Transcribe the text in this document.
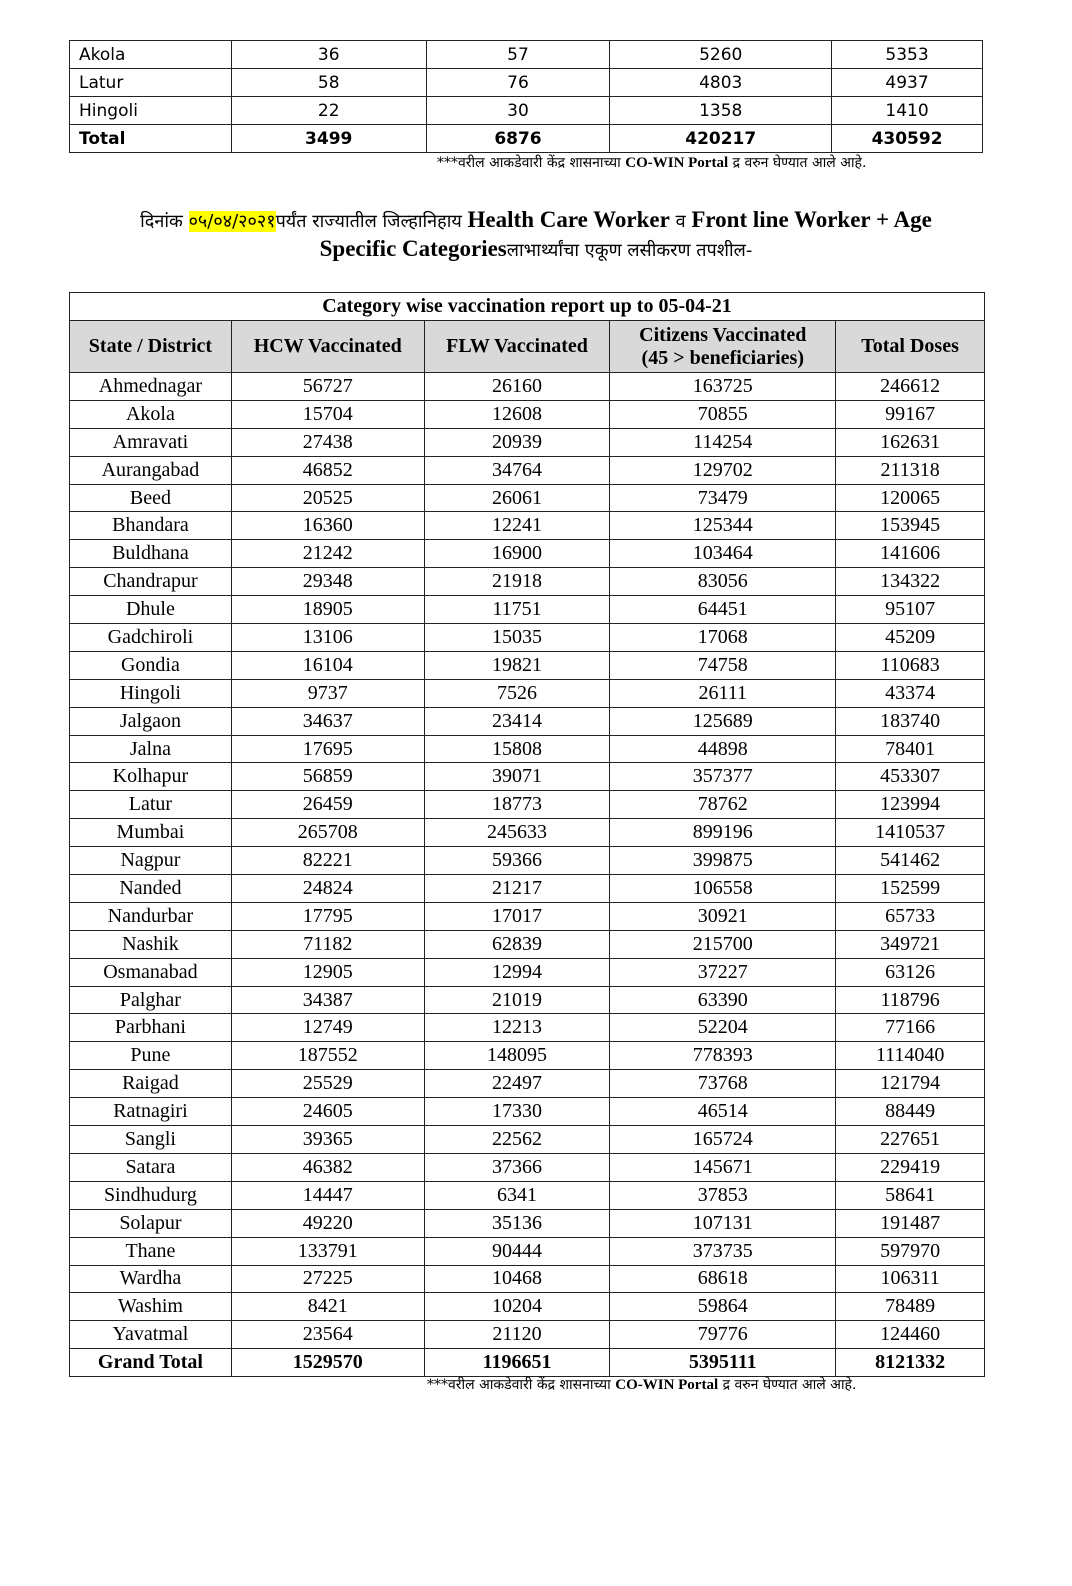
Akola	36	57	5260	5353
Latur	58	76	4803	4937
Hingoli	22	30	1358	1410
Total	3499	6876	420217	430592
***वरील आकडेवारी केंद्र शासनाच्या CO-WIN Portal द्र वरुन घेण्यात आले आहे.
दिनांक ०५/०४/२०२१पर्यंत राज्यातील जिल्हानिहाय Health Care Worker व Front line Worker + Age
Specific Categoriesलाभार्थ्यांचा एकूण लसीकरण तपशील-
Category wise vaccination report up to 05-04-21				
State / District	HCW Vaccinated	FLW Vaccinated	Citizens Vaccinated
(45 > beneficiaries)	Total Doses
Ahmednagar	56727	26160	163725	246612
Akola	15704	12608	70855	99167
Amravati	27438	20939	114254	162631
Aurangabad	46852	34764	129702	211318
Beed	20525	26061	73479	120065
Bhandara	16360	12241	125344	153945
Buldhana	21242	16900	103464	141606
Chandrapur	29348	21918	83056	134322
Dhule	18905	11751	64451	95107
Gadchiroli	13106	15035	17068	45209
Gondia	16104	19821	74758	110683
Hingoli	9737	7526	26111	43374
Jalgaon	34637	23414	125689	183740
Jalna	17695	15808	44898	78401
Kolhapur	56859	39071	357377	453307
Latur	26459	18773	78762	123994
Mumbai	265708	245633	899196	1410537
Nagpur	82221	59366	399875	541462
Nanded	24824	21217	106558	152599
Nandurbar	17795	17017	30921	65733
Nashik	71182	62839	215700	349721
Osmanabad	12905	12994	37227	63126
Palghar	34387	21019	63390	118796
Parbhani	12749	12213	52204	77166
Pune	187552	148095	778393	1114040
Raigad	25529	22497	73768	121794
Ratnagiri	24605	17330	46514	88449
Sangli	39365	22562	165724	227651
Satara	46382	37366	145671	229419
Sindhudurg	14447	6341	37853	58641
Solapur	49220	35136	107131	191487
Thane	133791	90444	373735	597970
Wardha	27225	10468	68618	106311
Washim	8421	10204	59864	78489
Yavatmal	23564	21120	79776	124460
Grand Total	1529570	1196651	5395111	8121332
***वरील आकडेवारी केंद्र शासनाच्या CO-WIN Portal द्र वरुन घेण्यात आले आहे.
